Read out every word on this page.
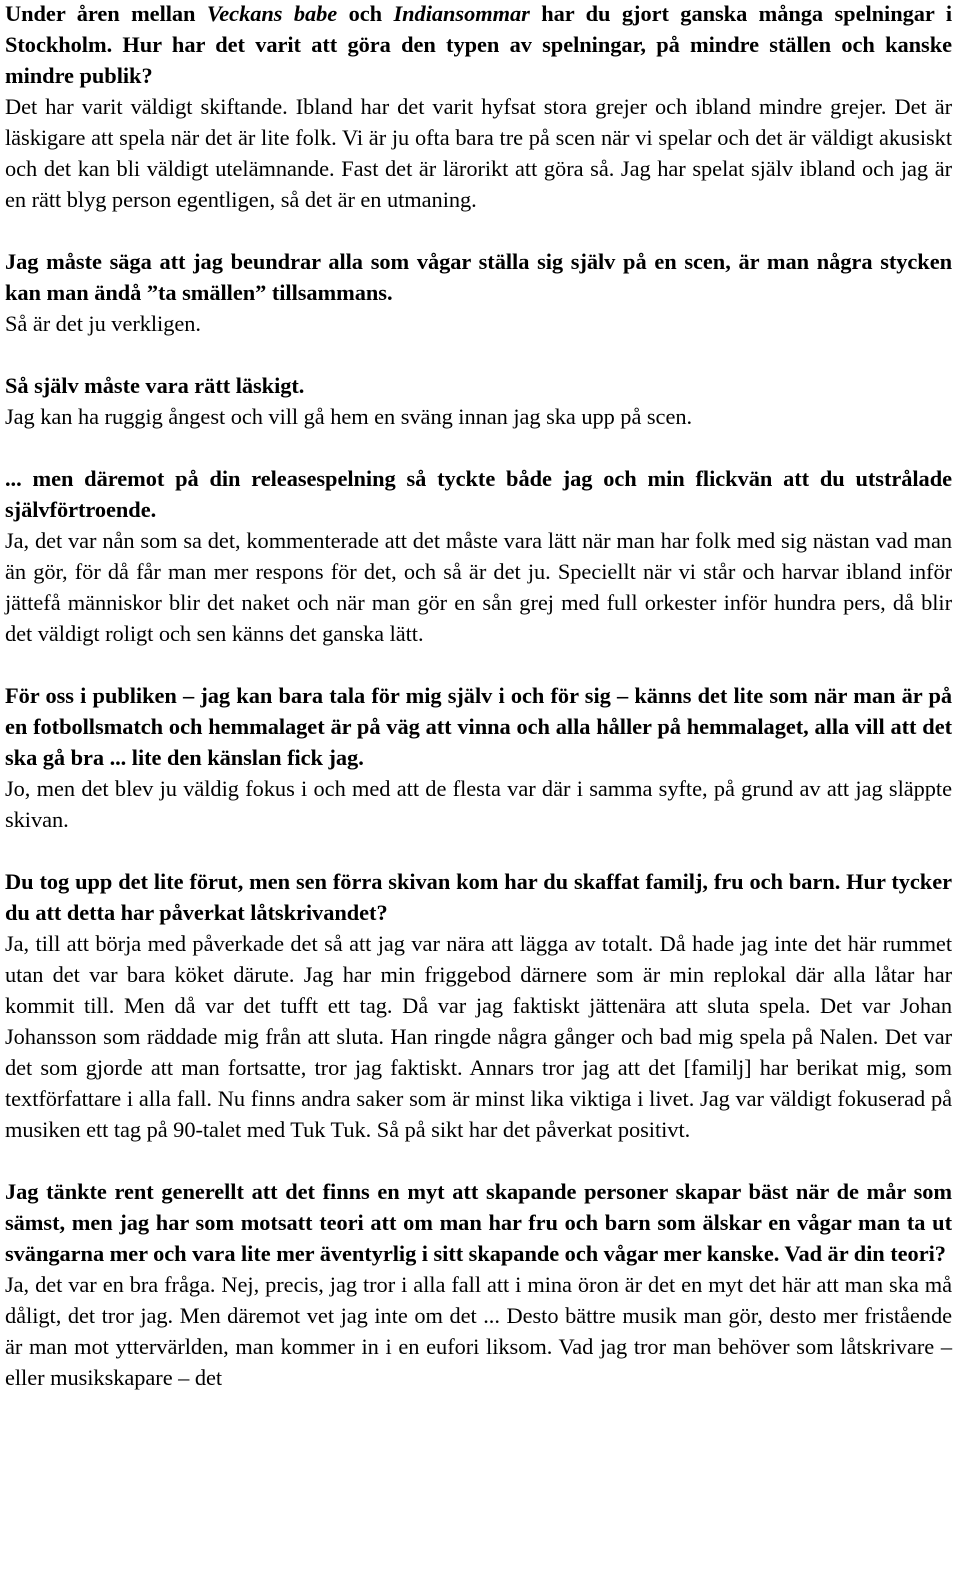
Under åren mellan Veckans babe och Indiansommar har du gjort ganska många spelningar i Stockholm. Hur har det varit att göra den typen av spelningar, på mindre ställen och kanske mindre publik?

Det har varit väldigt skiftande. Ibland har det varit hyfsat stora grejer och ibland mindre grejer. Det är läskigare att spela när det är lite folk. Vi är ju ofta bara tre på scen när vi spelar och det är väldigt akusiskt och det kan bli väldigt utelämnande. Fast det är lärorikt att göra så. Jag har spelat själv ibland och jag är en rätt blyg person egentligen, så det är en utmaning.

Jag måste säga att jag beundrar alla som vågar ställa sig själv på en scen, är man några stycken kan man ändå ”ta smällen” tillsammans.

Så är det ju verkligen.

Så själv måste vara rätt läskigt.

Jag kan ha ruggig ångest och vill gå hem en sväng innan jag ska upp på scen.

... men däremot på din releasespelning så tyckte både jag och min flickvän att du utstrålade självförtroende.

Ja, det var nån som sa det, kommenterade att det måste vara lätt när man har folk med sig nästan vad man än gör, för då får man mer respons för det, och så är det ju. Speciellt när vi står och harvar ibland inför jättefå människor blir det naket och när man gör en sån grej med full orkester inför hundra pers, då blir det väldigt roligt och sen känns det ganska lätt.

För oss i publiken – jag kan bara tala för mig själv i och för sig – känns det lite som när man är på en fotbollsmatch och hemmalaget är på väg att vinna och alla håller på hemmalaget, alla vill att det ska gå bra ... lite den känslan fick jag.

Jo, men det blev ju väldig fokus i och med att de flesta var där i samma syfte, på grund av att jag släppte skivan.

Du tog upp det lite förut, men sen förra skivan kom har du skaffat familj, fru och barn. Hur tycker du att detta har påverkat låtskrivandet?

Ja, till att börja med påverkade det så att jag var nära att lägga av totalt. Då hade jag inte det här rummet utan det var bara köket därute. Jag har min friggebod därnere som är min replokal där alla låtar har kommit till. Men då var det tufft ett tag. Då var jag faktiskt jättenära att sluta spela. Det var Johan Johansson som räddade mig från att sluta. Han ringde några gånger och bad mig spela på Nalen. Det var det som gjorde att man fortsatte, tror jag faktiskt. Annars tror jag att det [familj] har berikat mig, som textförfattare i alla fall. Nu finns andra saker som är minst lika viktiga i livet. Jag var väldigt fokuserad på musiken ett tag på 90-talet med Tuk Tuk. Så på sikt har det påverkat positivt.

Jag tänkte rent generellt att det finns en myt att skapande personer skapar bäst när de mår som sämst, men jag har som motsatt teori att om man har fru och barn som älskar en vågar man ta ut svängarna mer och vara lite mer äventyrlig i sitt skapande och vågar mer kanske. Vad är din teori?

Ja, det var en bra fråga. Nej, precis, jag tror i alla fall att i mina öron är det en myt det här att man ska må dåligt, det tror jag. Men däremot vet jag inte om det ... Desto bättre musik man gör, desto mer fristående är man mot yttervärlden, man kommer in i en eufori liksom. Vad jag tror man behöver som låtskrivare – eller musikskapare – det
